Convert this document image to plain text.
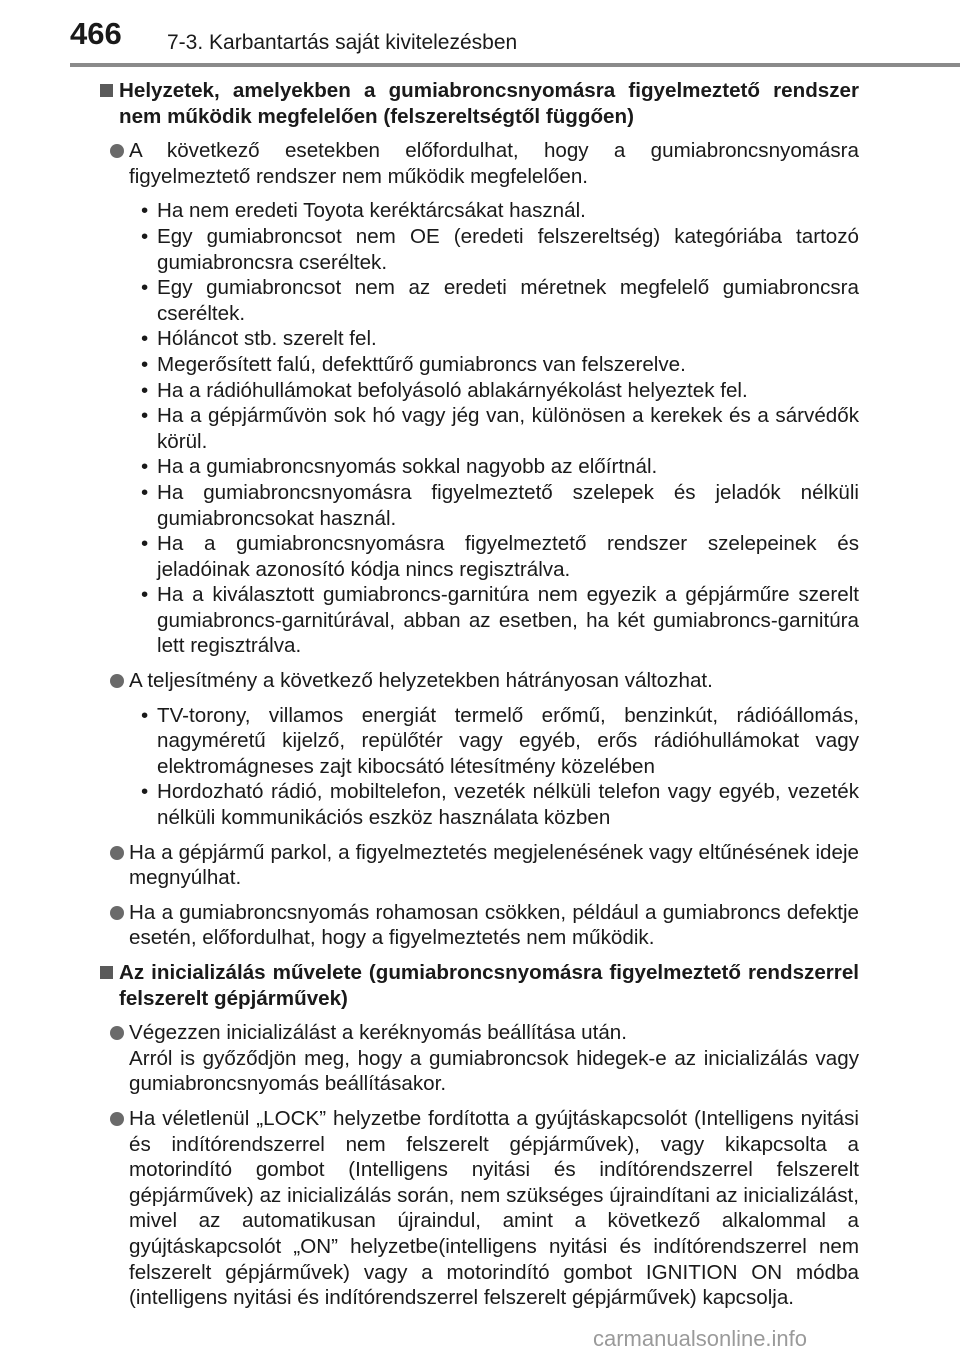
466 7-3. Karbantartás saját kivitelezésben
Helyzetek, amelyekben a gumiabroncsnyomásra figyelmeztető rendszer nem működik megfelelően (felszereltségtől függően)
A következő esetekben előfordulhat, hogy a gumiabroncsnyomásra figyelmeztető rendszer nem működik megfelelően.
• Ha nem eredeti Toyota keréktárcsákat használ.
• Egy gumiabroncsot nem OE (eredeti felszereltség) kategóriába tartozó gumiabroncsra cseréltek.
• Egy gumiabroncsot nem az eredeti méretnek megfelelő gumiabroncsra cseréltek.
• Hóláncot stb. szerelt fel.
• Megerősített falú, defekttűrő gumiabroncs van felszerelve.
• Ha a rádióhullámokat befolyásoló ablakárnyékolást helyeztek fel.
• Ha a gépjárművön sok hó vagy jég van, különösen a kerekek és a sárvédők körül.
• Ha a gumiabroncsnyomás sokkal nagyobb az előírtnál.
• Ha gumiabroncsnyomásra figyelmeztető szelepek és jeladók nélküli gumiabroncsokat használ.
• Ha a gumiabroncsnyomásra figyelmeztető rendszer szelepeinek és jeladóinak azonosító kódja nincs regisztrálva.
• Ha a kiválasztott gumiabroncs-garnitúra nem egyezik a gépjárműre szerelt gumiabroncs-garnitúrával, abban az esetben, ha két gumiabroncs-garnitúra lett regisztrálva.
A teljesítmény a következő helyzetekben hátrányosan változhat.
• TV-torony, villamos energiát termelő erőmű, benzinkút, rádióállomás, nagyméretű kijelző, repülőtér vagy egyéb, erős rádióhullámokat vagy elektromágneses zajt kibocsátó létesítmény közelében
• Hordozható rádió, mobiltelefon, vezeték nélküli telefon vagy egyéb, vezeték nélküli kommunikációs eszköz használata közben
Ha a gépjármű parkol, a figyelmeztetés megjelenésének vagy eltűnésének ideje megnyúlhat.
Ha a gumiabroncsnyomás rohamosan csökken, például a gumiabroncs defektje esetén, előfordulhat, hogy a figyelmeztetés nem működik.
Az inicializálás művelete (gumiabroncsnyomásra figyelmeztető rendszerrel felszerelt gépjárművek)
Végezzen inicializálást a keréknyomás beállítása után.
Arról is győződjön meg, hogy a gumiabroncsok hidegek-e az inicializálás vagy gumiabroncsnyomás beállításakor.
Ha véletlenül „LOCK” helyzetbe fordította a gyújtáskapcsolót (Intelligens nyitási és indítórendszerrel nem felszerelt gépjárművek), vagy kikapcsolta a motorindító gombot (Intelligens nyitási és indítórendszerrel felszerelt gépjárművek) az inicializálás során, nem szükséges újraindítani az inicializálást, mivel az automatikusan újraindul, amint a következő alkalommal a gyújtáskapcsolót „ON” helyzetbe(intelligens nyitási és indítórendszerrel nem felszerelt gépjárművek) vagy a motorindító gombot IGNITION ON módba (intelligens nyitási és indítórendszerrel felszerelt gépjárművek) kapcsolja.
carmanualsonline.info
